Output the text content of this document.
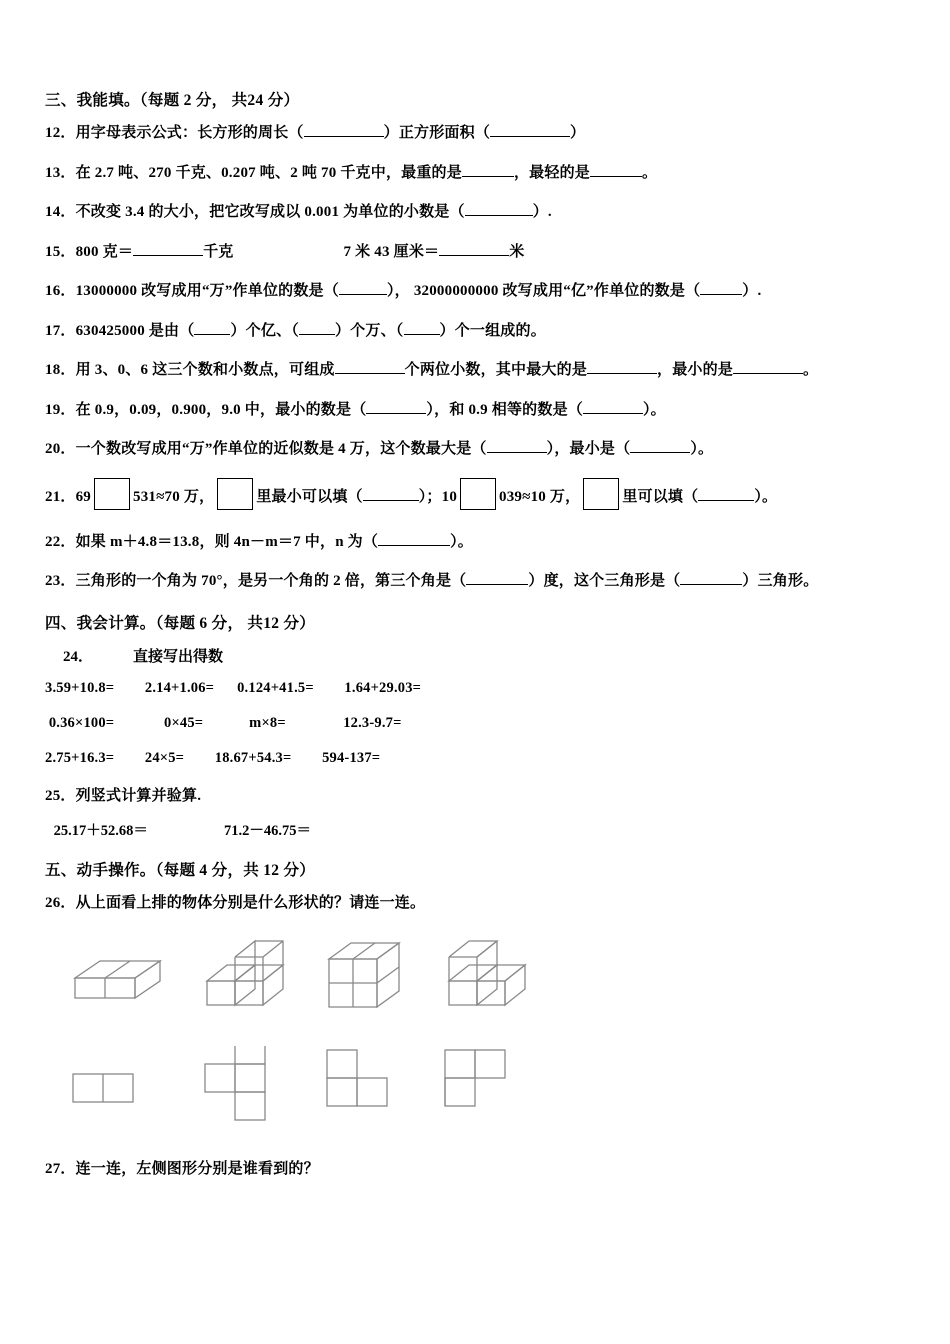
三、我能填。（每题 2 分， 共24 分）
12．用字母表示公式：长方形的周长（	）正方形面积（	）
13．在 2.7 吨、270 千克、0.207 吨、2 吨 70 千克中，最重的是	，最轻的是	。
14．不改变 3.4 的大小，把它改写成以 0.001 为单位的小数是（	）.
15．800 克＝	千克	7 米 43 厘米＝	米
16．13000000 改写成用“万”作单位的数是（	）， 32000000000 改写成用“亿”作单位的数是（	）.
17．630425000 是由（ ）个亿、（ ）个万、（ ）个一组成的。
18．用 3、0、6 这三个数和小数点，可组成	个两位小数，其中最大的是	，最小的是	。
19．在 0.9，0.09，0.900，9.0 中，最小的数是（	），和 0.9 相等的数是（	）。
20．一个数改写成用“万”作单位的近似数是 4 万，这个数最大是（	），最小是（	）。
21．69	531≈70 万，	里最小可以填（	）；10	039≈10 万，	里可以填（	）。
22．如果 m＋4.8＝13.8，则 4n－m＝7 中，n 为（	）。
23．三角形的一个角为 70°，是另一个角的 2 倍，第三个角是（	）度，这个三角形是（	）三角形。
四、我会计算。（每题 6 分， 共12 分）
24．	直接写出得数
3.59+10.8=        2.14+1.06=      0.124+41.5=        1.64+29.03=
0.36×100=             0×45=            m×8=               12.3-9.7=
2.75+16.3=        24×5=        18.67+54.3=        594-137=
25．列竖式计算并验算.
25.17＋52.68＝                     71.2－46.75＝
五、动手操作。（每题 4 分，共 12 分）
26．从上面看上排的物体分别是什么形状的？请连一连。
27．连一连，左侧图形分别是谁看到的？
